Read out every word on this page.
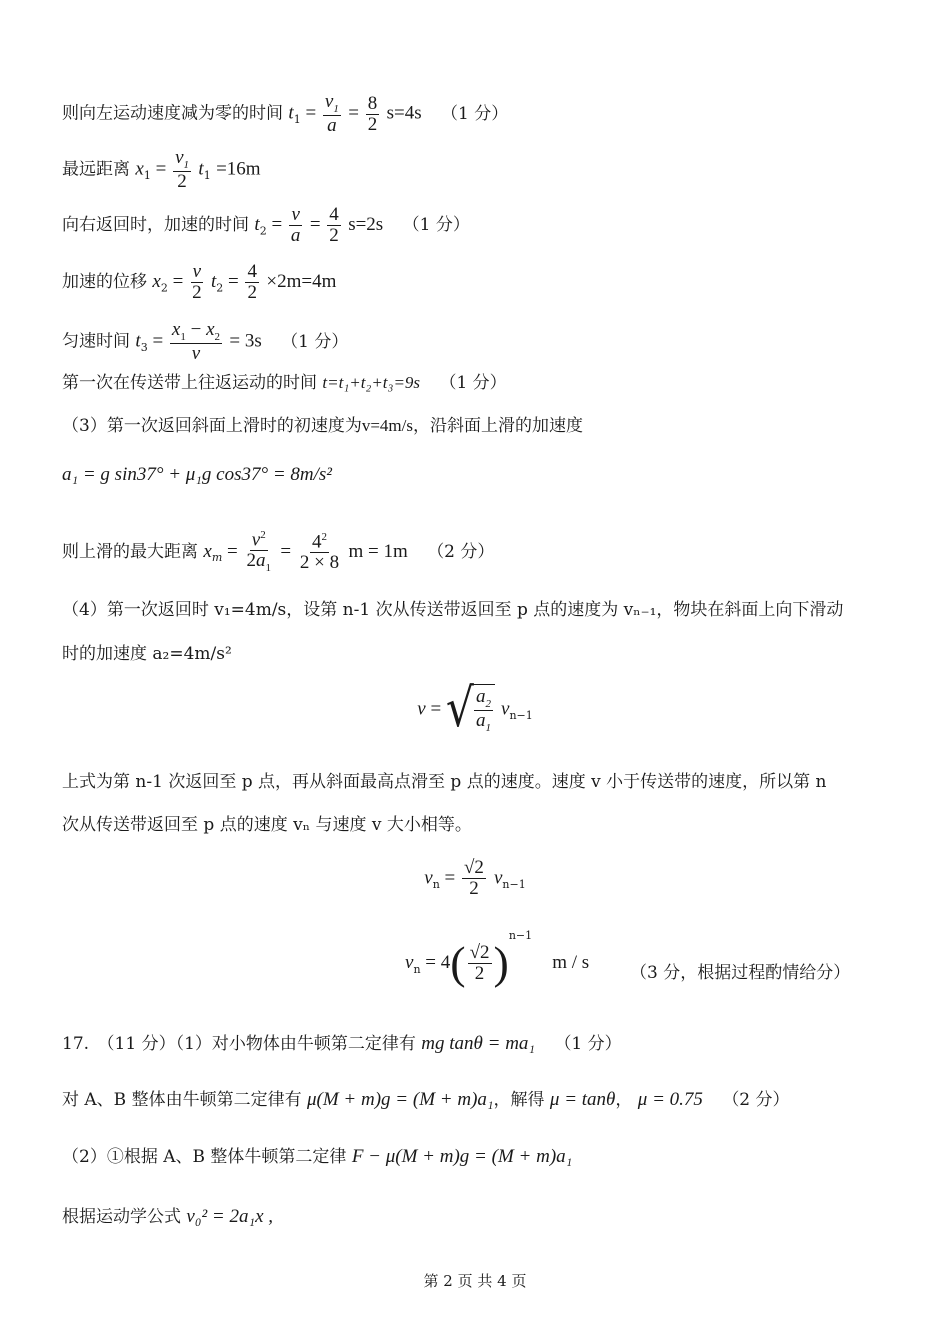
则向左运动速度减为零的时间 $t_1 = \frac{v_1}{a} = \frac{8}{2} s=4s$ （1 分）
最远距离 $x_1 = \frac{v_1}{2} t_1 =16m$
向右返回时，加速的时间 $t_2 = \frac{v}{a} = \frac{4}{2} s=2s$ （1 分）
加速的位移 $x_2 = \frac{v}{2} t_2 = \frac{4}{2} \times 2m=4m$
匀速时间 $t_3 = \frac{x_1 - x_2}{v} = 3s$ （1 分）
第一次在传送带上往返运动的时间 t=t₁+t₂+t₃=9s （1 分）
（3）第一次返回斜面上滑时的初速度为v=4m/s，沿斜面上滑的加速度
a₁ = g sin37° + μ₁g cos37° = 8m/s²
则上滑的最大距离 $x_m = \frac{v^2}{2a_1} = \frac{4^2}{2 \times 8}$ m = 1m （2 分）
（4）第一次返回时 v₁=4m/s，设第 n-1 次从传送带返回至 p 点的速度为 vₙ₋₁，物块在斜面上向下滑动
时的加速度 a₂=4m/s²
v = √ $\frac{a_2}{a_1} v_{n-1}$
上式为第 n-1 次返回至 p 点，再从斜面最高点滑至 p 点的速度。速度 v 小于传送带的速度，所以第 n
次从传送带返回至 p 点的速度 vₙ 与速度 v 大小相等。
$v_n = \frac{√2}{2} v_{n-1}$
$v_n = 4( \frac{√2}{2} )^{n-1}$ m / s （3 分，根据过程酌情给分）
17.　（11 分）（1）对小物体由牛顿第二定律有 mg tanθ = ma₁ （1 分）
对 A、B 整体由牛顿第二定律有 μ(M + m)g = (M + m)a₁，解得 μ = tanθ， μ = 0.75 （2 分）
（2）①根据 A、B 整体牛顿第二定律 F − μ(M + m)g = (M + m)a₁
根据运动学公式 v₀² = 2a₁x ,
第 2 页 共 4 页
